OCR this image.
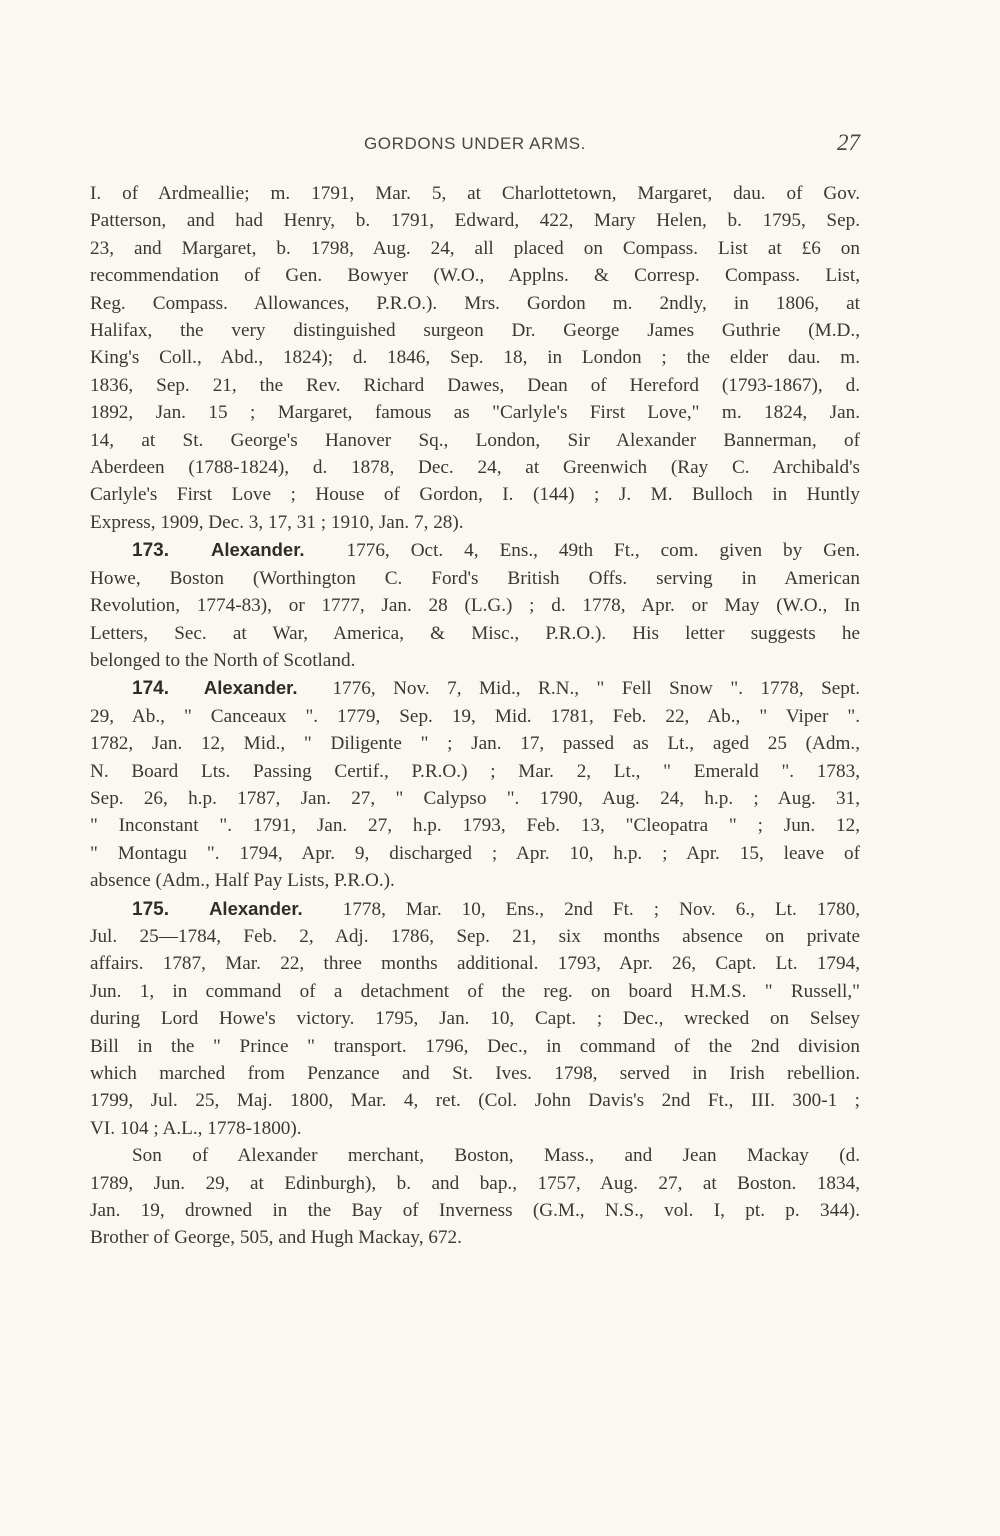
GORDONS UNDER ARMS.	27

I. of Ardmeallie; m. 1791, Mar. 5, at Charlottetown, Margaret, dau. of Gov.

Patterson, and had Henry, b. 1791, Edward, 422, Mary Helen, b. 1795, Sep.

23, and Margaret, b. 1798, Aug. 24, all placed on Compass. List at £6 on

recommendation of Gen. Bowyer (W.O., Applns. & Corresp. Compass. List,

Reg. Compass. Allowances, P.R.O.). Mrs. Gordon m. 2ndly, in 1806, at

Halifax, the very distinguished surgeon Dr. George James Guthrie (M.D.,

King's Coll., Abd., 1824); d. 1846, Sep. 18, in London ; the elder dau. m.

1836, Sep. 21, the Rev. Richard Dawes, Dean of Hereford (1793-1867), d.

1892, Jan. 15 ; Margaret, famous as "Carlyle's First Love," m. 1824, Jan.

14, at St. George's Hanover Sq., London, Sir Alexander Bannerman, of

Aberdeen (1788-1824), d. 1878, Dec. 24, at Greenwich (Ray C. Archibald's

Carlyle's First Love ; House of Gordon, I. (144) ; J. M. Bulloch in Huntly

Express, 1909, Dec. 3, 17, 31 ; 1910, Jan. 7, 28).

173. Alexander. 1776, Oct. 4, Ens., 49th Ft., com. given by Gen.

Howe, Boston (Worthington C. Ford's British Offs. serving in American

Revolution, 1774-83), or 1777, Jan. 28 (L.G.) ; d. 1778, Apr. or May (W.O., In

Letters, Sec. at War, America, & Misc., P.R.O.). His letter suggests he

belonged to the North of Scotland.

174. Alexander. 1776, Nov. 7, Mid., R.N., " Fell Snow ". 1778, Sept.

29, Ab., " Canceaux ". 1779, Sep. 19, Mid. 1781, Feb. 22, Ab., " Viper ".

1782, Jan. 12, Mid., " Diligente " ; Jan. 17, passed as Lt., aged 25 (Adm.,

N. Board Lts. Passing Certif., P.R.O.) ; Mar. 2, Lt., " Emerald ". 1783,

Sep. 26, h.p. 1787, Jan. 27, " Calypso ". 1790, Aug. 24, h.p. ; Aug. 31,

" Inconstant ". 1791, Jan. 27, h.p. 1793, Feb. 13, "Cleopatra " ; Jun. 12,

" Montagu ". 1794, Apr. 9, discharged ; Apr. 10, h.p. ; Apr. 15, leave of

absence (Adm., Half Pay Lists, P.R.O.).

175. Alexander. 1778, Mar. 10, Ens., 2nd Ft. ; Nov. 6., Lt. 1780,

Jul. 25—1784, Feb. 2, Adj. 1786, Sep. 21, six months absence on private

affairs. 1787, Mar. 22, three months additional. 1793, Apr. 26, Capt. Lt. 1794,

Jun. 1, in command of a detachment of the reg. on board H.M.S. " Russell,"

during Lord Howe's victory. 1795, Jan. 10, Capt. ; Dec., wrecked on Selsey

Bill in the " Prince " transport. 1796, Dec., in command of the 2nd division

which marched from Penzance and St. Ives. 1798, served in Irish rebellion.

1799, Jul. 25, Maj. 1800, Mar. 4, ret. (Col. John Davis's 2nd Ft., III. 300-1 ;

VI. 104 ; A.L., 1778-1800).

Son of Alexander merchant, Boston, Mass., and Jean Mackay (d.

1789, Jun. 29, at Edinburgh), b. and bap., 1757, Aug. 27, at Boston. 1834,

Jan. 19, drowned in the Bay of Inverness (G.M., N.S., vol. I, pt. p. 344).

Brother of George, 505, and Hugh Mackay, 672.
